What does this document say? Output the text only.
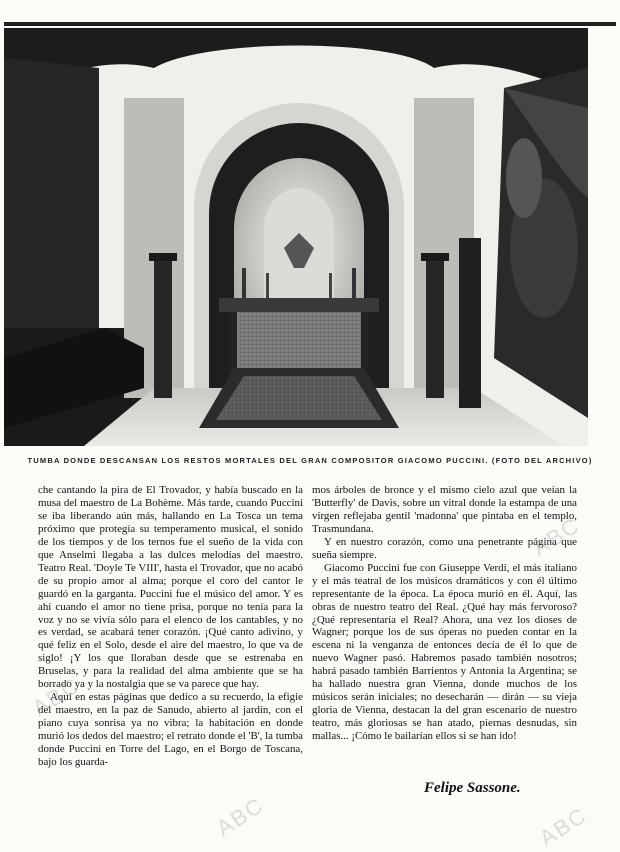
TUMBA DONDE DESCANSAN LOS RESTOS MORTALES DEL GRAN COMPOSITOR GIACOMO PUCCINI. (FOTO DEL ARCHIVO)

che cantando la pira de El Trovador, y había buscado en la musa del maestro de La Bohème. Más tarde, cuando Puccini se iba liberando aún más, hallando en La Tosca un tema próximo que protegía su temperamento musical, el sonido de los tiempos y de los ternos fue el sueño de la vida con que Anselmi llegaba a las dulces melodías del maestro. Teatro Real. 'Doyle Te VIII', hasta el Trovador, que no acabó de su propio amor al alma; porque el coro del cantor le guardó en la garganta. Puccini fue el músico del amor. Y es ahí cuando el amor no tiene prisa, porque no tenía para la voz y no se vivía sólo para el elenco de los cantables, y no es verdad, se acabará tener corazón. ¡Qué canto adivino, y qué feliz en el Solo, desde el aire del maestro, lo que va de siglo! ¡Y los que lloraban desde que se estrenaba en Bruselas, y para la realidad del alma ambiente que se ha borrado ya y la nostalgia que se va parece que hay.

Aquí en estas páginas que dedico a su recuerdo, la efigie del maestro, en la paz de Sanudo, abierto al jardín, con el piano cuya sonrisa ya no vibra; la habitación en donde murió los dedos del maestro; el retrato donde el 'B', la tumba donde Puccini en Torre del Lago, en el Borgo de Toscana, bajo los guarda-

mos árboles de bronce y el mismo cielo azul que veían la 'Butterfly' de Davis, sobre un vitral donde la estampa de una virgen reflejaba gentil 'madonna' que pintaba en el templo, Trasmundana.

Y en nuestro corazón, como una penetrante página que sueña siempre.

Giacomo Puccini fue con Giuseppe Verdi, el más italiano y el más teatral de los músicos dramáticos y con él último representante de la época. La época murió en él. Aquí, las obras de nuestro teatro del Real. ¿Qué hay más fervoroso? ¿Qué representaría el Real? Ahora, una vez los dioses de Wagner; porque los de sus óperas no pueden contar en la escena ni la venganza de entonces decía de él lo que de nuevo Wagner pasó. Habremos pasado también nosotros; habrá pasado también Barrientos y Antonia la Argentina; se ha hallado nuestra gran Vienna, donde muchos de los músicos serán iniciales; no desecharán — dirán — su vieja gloria de Vienna, destacan la del gran escenario de nuestro teatro, más gloriosas se han atado, piernas desnudas, sin mallas... ¡Cómo le bailarían ellos si se han ido!

Felipe Sassone.
ABC
ABC
ABC	ABC
